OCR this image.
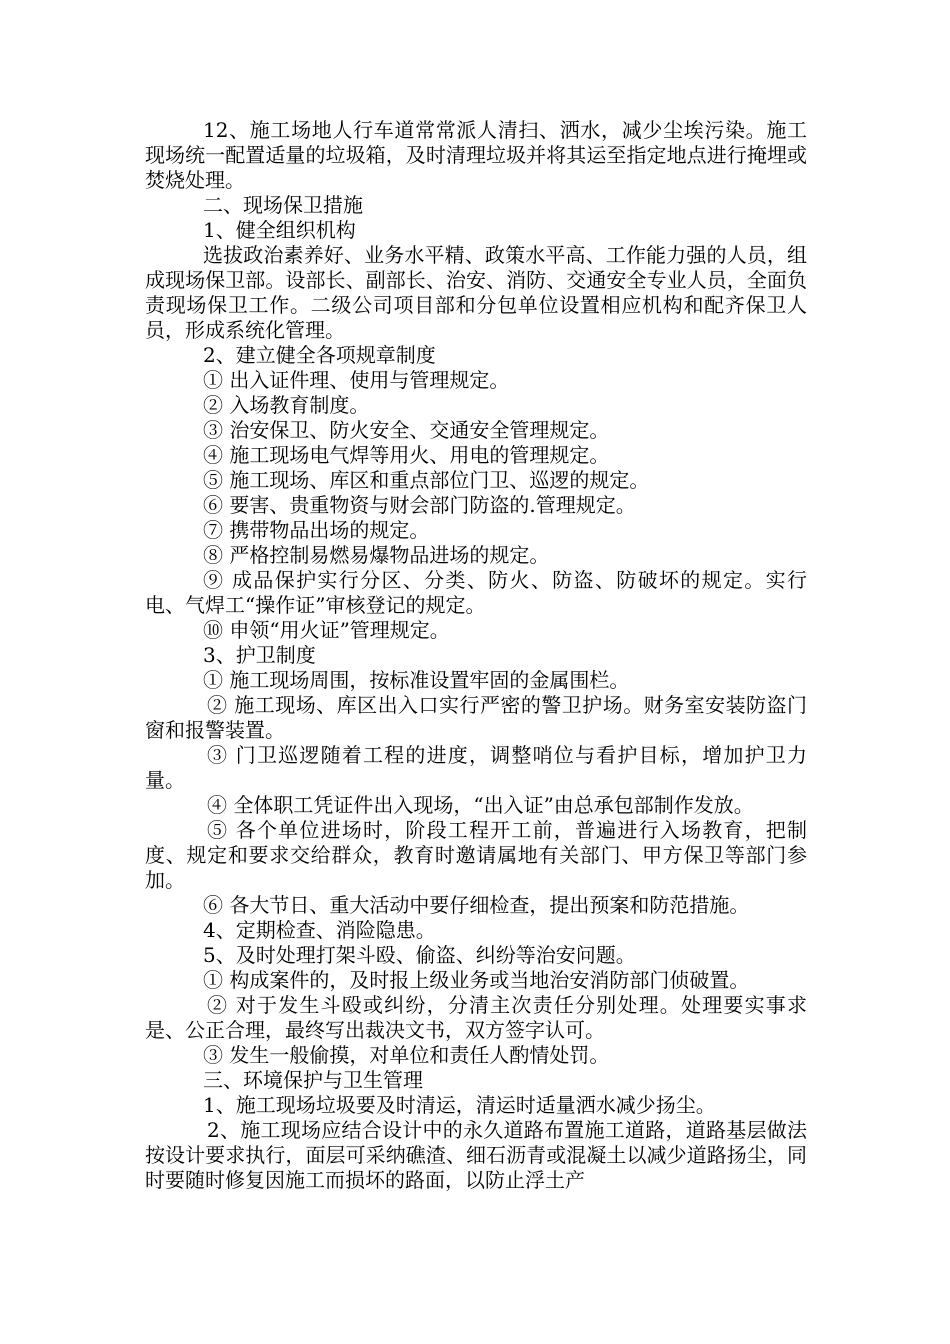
12、施工场地人行车道常常派人清扫、洒水，减少尘埃污染。施工现场统一配置适量的垃圾箱，及时清理垃圾并将其运至指定地点进行掩埋或焚烧处理。

二、现场保卫措施

1、健全组织机构

选拔政治素养好、业务水平精、政策水平高、工作能力强的人员，组成现场保卫部。设部长、副部长、治安、消防、交通安全专业人员，全面负责现场保卫工作。二级公司项目部和分包单位设置相应机构和配齐保卫人员，形成系统化管理。

2、建立健全各项规章制度

① 出入证件理、使用与管理规定。

② 入场教育制度。

③ 治安保卫、防火安全、交通安全管理规定。

④ 施工现场电气焊等用火、用电的管理规定。

⑤ 施工现场、库区和重点部位门卫、巡逻的规定。

⑥ 要害、贵重物资与财会部门防盗的.管理规定。

⑦ 携带物品出场的规定。

⑧ 严格控制易燃易爆物品进场的规定。

⑨ 成品保护实行分区、分类、防火、防盗、防破坏的规定。实行电、气焊工“操作证”审核登记的规定。

⑩ 申领“用火证”管理规定。

3、护卫制度

① 施工现场周围，按标准设置牢固的金属围栏。

② 施工现场、库区出入口实行严密的警卫护场。财务室安装防盗门窗和报警装置。

③ 门卫巡逻随着工程的进度，调整哨位与看护目标，增加护卫力量。

④ 全体职工凭证件出入现场，“出入证”由总承包部制作发放。

⑤ 各个单位进场时，阶段工程开工前，普遍进行入场教育，把制度、规定和要求交给群众，教育时邀请属地有关部门、甲方保卫等部门参加。

⑥ 各大节日、重大活动中要仔细检查，提出预案和防范措施。

4、定期检查、消险隐患。

5、及时处理打架斗殴、偷盗、纠纷等治安问题。

① 构成案件的，及时报上级业务或当地治安消防部门侦破置。

② 对于发生斗殴或纠纷，分清主次责任分别处理。处理要实事求是、公正合理，最终写出裁决文书，双方签字认可。

③ 发生一般偷摸，对单位和责任人酌情处罚。

三、环境保护与卫生管理

1、施工现场垃圾要及时清运，清运时适量洒水减少扬尘。

2、施工现场应结合设计中的永久道路布置施工道路，道路基层做法按设计要求执行，面层可采纳礁渣、细石沥青或混凝土以减少道路扬尘，同时要随时修复因施工而损坏的路面，以防止浮土产
